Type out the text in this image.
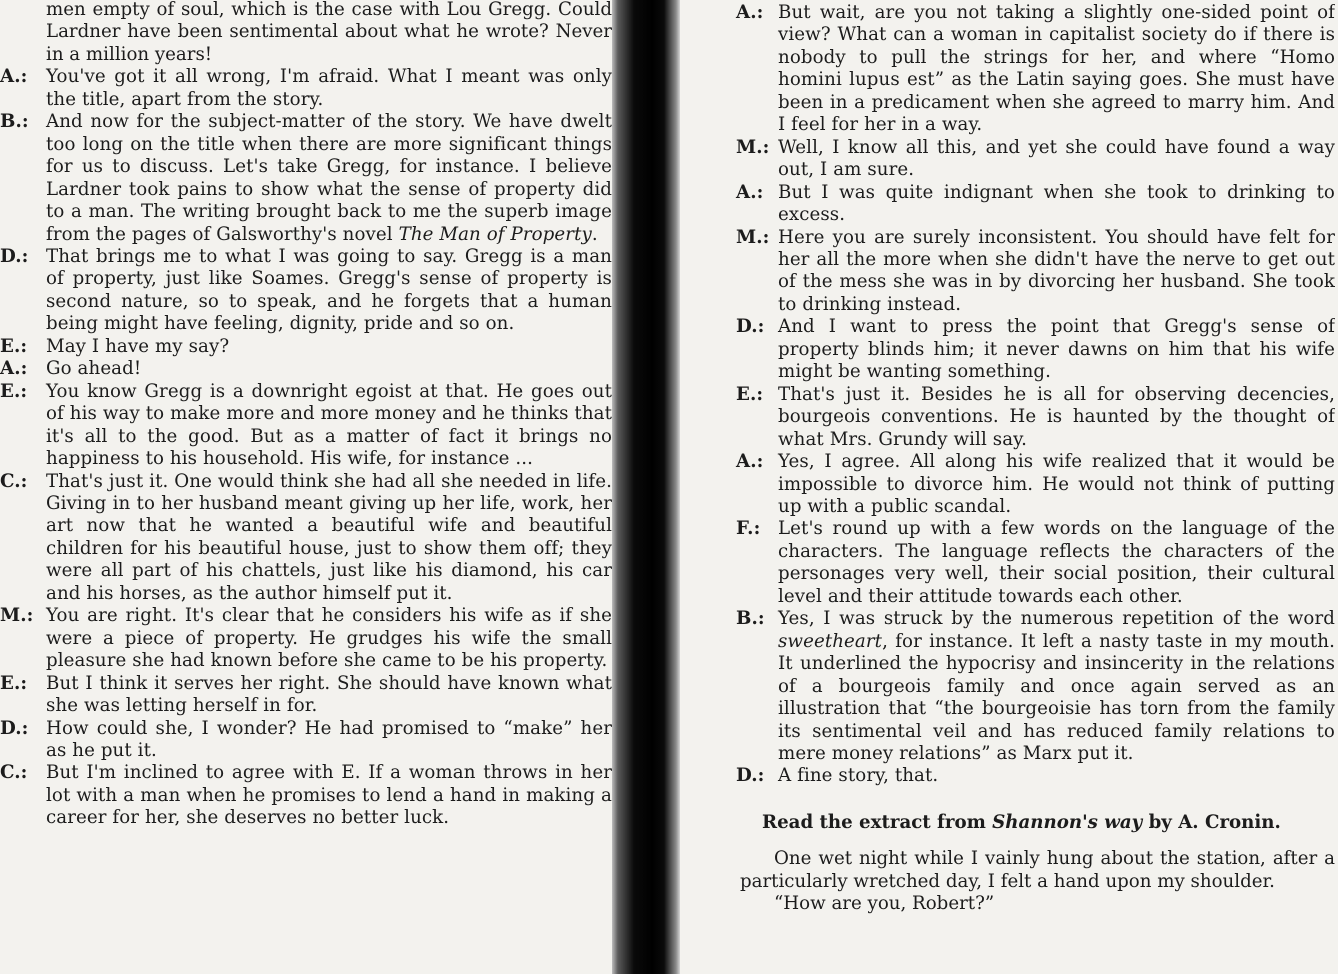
men empty of soul, which is the case with Lou Gregg. Could Lardner have been sentimental about what he wrote? Never in a million years!
A.:	You've got it all wrong, I'm afraid. What I meant was only the title, apart from the story.
B.: And now for the subject-matter of the story. We have dwelt too long on the title when there are more significant things for us to discuss. Let's take Gregg, for instance. I believe Lardner took pains to show what the sense of property did to a man. The writing brought back to me the superb image from the pages of Galsworthy's novel The Man of Property.
D.: That brings me to what I was going to say. Gregg is a man of property, just like Soames. Gregg's sense of property is second nature, so to speak, and he forgets that a human being might have feeling, dignity, pride and so on.
E.:	May I have my say?
A.:	Go ahead!
E.:	You know Gregg is a downright egoist at that. He goes out of his way to make more and more money and he thinks that it's all to the good. But as a matter of fact it brings no happiness to his household. His wife, for instance ...
C.:	That's just it. One would think she had all she needed in life. Giving in to her husband meant giving up her life, work, her art now that he wanted a beautiful wife and beautiful children for his beautiful house, just to show them off; they were all part of his chattels, just like his diamond, his car and his horses, as the author himself put it.
M.: You are right. It's clear that he considers his wife as if she were a piece of property. He grudges his wife the small pleasure she had known before she came to be his property.
E.:	But I think it serves her right. She should have known what she was letting herself in for.
D.: How could she, I wonder? He had promised to “make” her as he put it.
C.:	But I'm inclined to agree with E. If a woman throws in her lot with a man when he promises to lend a hand in making a career for her, she deserves no better luck.
A.: But wait, are you not taking a slightly one-sided point of view? What can a woman in capitalist society do if there is nobody to pull the strings for her, and where “Homo homini lupus est” as the Latin saying goes. She must have been in a predicament when she agreed to marry him. And I feel for her in a way.
M.: Well, I know all this, and yet she could have found a way out, I am sure.
A.: But I was quite indignant when she took to drinking to excess.
M.: Here you are surely inconsistent. You should have felt for her all the more when she didn't have the nerve to get out of the mess she was in by divorcing her husband. She took to drinking instead.
D.: And I want to press the point that Gregg's sense of property blinds him; it never dawns on him that his wife might be wanting something.
E.: That's just it. Besides he is all for observing decencies, bourgeois conventions. He is haunted by the thought of what Mrs. Grundy will say.
A.: Yes, I agree. All along his wife realized that it would be impossible to divorce him. He would not think of putting up with a public scandal.
F.: Let's round up with a few words on the language of the characters. The language reflects the characters of the personages very well, their social position, their cultural level and their attitude towards each other.
B.: Yes, I was struck by the numerous repetition of the word sweetheart, for instance. It left a nasty taste in my mouth. It underlined the hypocrisy and insincerity in the relations of a bourgeois family and once again served as an illustration that “the bourgeoisie has torn from the family its sentimental veil and has reduced family relations to mere money relations” as Marx put it.
D.: A fine story, that.
Read the extract from Shannon's way by A. Cronin.
One wet night while I vainly hung about the station, after a particularly wretched day, I felt a hand upon my shoulder.
“How are you, Robert?”
